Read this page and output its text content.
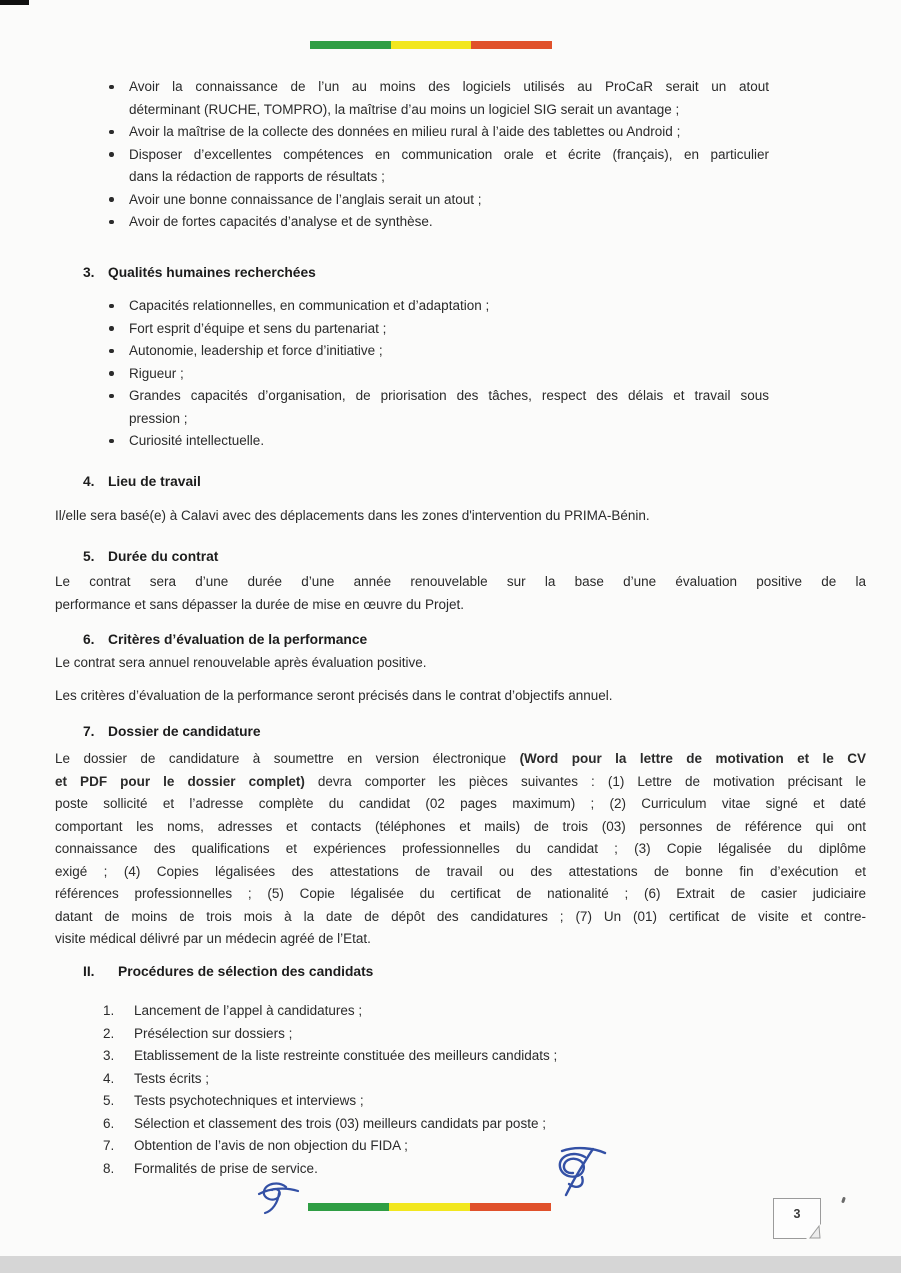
Avoir la connaissance de l’un au moins des logiciels utilisés au ProCaR serait un atout
déterminant (RUCHE, TOMPRO), la maîtrise d’au moins un logiciel SIG serait un avantage ;
Avoir la maîtrise de la collecte des données en milieu rural à l’aide des tablettes ou Android ;
Disposer d’excellentes compétences en communication orale et écrite (français), en particulier
dans la rédaction de rapports de résultats ;
Avoir une bonne connaissance de l’anglais serait un atout ;
Avoir de fortes capacités d’analyse et de synthèse.
3. Qualités humaines recherchées
Capacités relationnelles, en communication et d’adaptation ;
Fort esprit d’équipe et sens du partenariat ;
Autonomie, leadership et force d’initiative ;
Rigueur ;
Grandes capacités d’organisation, de priorisation des tâches, respect des délais et travail sous
pression ;
Curiosité intellectuelle.
4. Lieu de travail
Il/elle sera basé(e) à Calavi avec des déplacements dans les zones d'intervention du PRIMA-Bénin.
5. Durée du contrat
Le contrat sera d’une durée d’une année renouvelable sur la base d’une évaluation positive de la
performance et sans dépasser la durée de mise en œuvre du Projet.
6. Critères d’évaluation de la performance
Le contrat sera annuel renouvelable après évaluation positive.
Les critères d’évaluation de la performance seront précisés dans le contrat d’objectifs annuel.
7. Dossier de candidature
Le dossier de candidature à soumettre en version électronique (Word pour la lettre de motivation et le CV
et PDF pour le dossier complet) devra comporter les pièces suivantes : (1) Lettre de motivation précisant le
poste sollicité et l’adresse complète du candidat (02 pages maximum) ; (2) Curriculum vitae signé et daté
comportant les noms, adresses et contacts (téléphones et mails) de trois (03) personnes de référence qui ont
connaissance des qualifications et expériences professionnelles du candidat ; (3) Copie légalisée du diplôme
exigé ; (4) Copies légalisées des attestations de travail ou des attestations de bonne fin d’exécution et
références professionnelles ; (5) Copie légalisée du certificat de nationalité ; (6) Extrait de casier judiciaire
datant de moins de trois mois à la date de dépôt des candidatures ; (7) Un (01) certificat de visite et contre-
visite médical délivré par un médecin agréé de l’Etat.
II. Procédures de sélection des candidats
1. Lancement de l’appel à candidatures ;
2. Présélection sur dossiers ;
3. Etablissement de la liste restreinte constituée des meilleurs candidats ;
4. Tests écrits ;
5. Tests psychotechniques et interviews ;
6. Sélection et classement des trois (03) meilleurs candidats par poste ;
7. Obtention de l’avis de non objection du FIDA ;
8. Formalités de prise de service.
3
